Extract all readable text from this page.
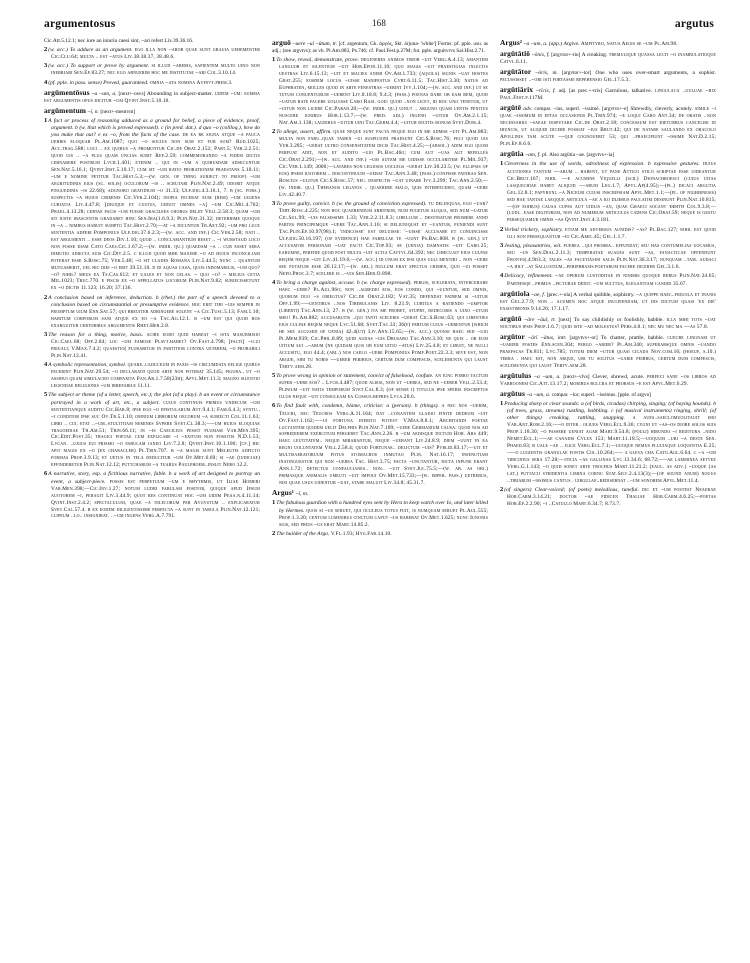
argumentosus	168	argutus

Cic.Att.5.12.1; nec iure an iniuria caesi sint, ~ari refert Liv.39.36.16.

2(w. acc.) To adduce as an argument. ego illa non ~abor quae sunt grauia uehementer Cic.Clu.64; multa .. est ~atus Liv.38.38.37, 38.48.6.

3(w. acc.) To support or prove by argument. si illud ~aberis, sapientem multo uino non inebriari Sen.Ep.83.27; nec ego abnuerim hoc me institutae ~ari Col.3.10.14.

4(pf. pple. in pass. sense) Proved, guaranteed. omnia ~ata nomina Avpsvt.prem.3.

argūmentōsus ~a ~um, a. [next+-osvs] Abounding in subject-matter. uidem ~um: summa est argumentis opus dicitur ~um Qvint.Inst.5.10.10.

argūmentum ~ī, n. [next+-mentvm]

1A fact or process of reasoning adduced as a ground for belief, a piece of evidence, proof, argument. b (w. that which is proved expressed). c (in pred. dat.). d quo ~o (collloq.), how do you make that out? e ex ~o, from the facts of the case. de ea re signa atque ~a pauca uerbis eloquar Pl.Am.1087; quo ~o socius non sum et fur sum? Rud.1025; Acc.trag.588; loci .. ex quibus ~a promuntur Cic.de Orat.2.152; Part.5; Ver.2.2.51; quod uis .. ~a plus quam uncias subit Rep.2.59; commemorando ~a fidem dictis cernabere postrum Lvcr.1.401; etenim .. qui in ~um a quibusdam adsecuntur Sen.Nat.5.16.1; Qvint.Inst.5.10.17; cum sit ~um ratio probationem praestans 5.10.11; ~um e nomine petitur Tac.Hist.5.3;—(w. gen. of thing subject to proof) ~um aegritudinis eius (sc. solis) oculorum ~is .. scrutari Plin.Nat.2.49; odorit atque pinguedinis ~is 22.68); adgnobo gratidium ~o 31.33; Ulp.dig.4.3.16.1, 7. b (sc. fors.) suspectis ~a huius criminis Cic.Ver.2.104); inopia fecerat eum (rem) ~um legens curiatia Liv.4.47.8; [diuique et custus, uiduit omnes ~a] ~um Cic.Mil.4.762; Prael.4.13.28; certae pacis ~um fuisse gracilees chorus deliit Vell.2.58.3; quam ~um sit iuste irascentis gradaret hinc Sen.Ira(1.6.9.3; Plin.Nat.31.32; deterrime quoque in ~a .. nimbus habuit sumpto Tac.Hist.2.70;—at ~a dicuntur Tb.Aet.92; ~um pro luce sententia adferi Pomponius Ulp.dig.37.6.2.3;—(w. acc. and inf.) Cic.Ver.2.58; nati .. est argumenti .. esse deos Div.1.10; quod .. conclamantium reset .. ~i wurstaud loco non posse diam Cato Caes.Cic.1.67.2;—(w. indir. qu.) quaedam ~a .. cur esset sera dimutio adiecta suis Cic.Div.2.5. c illud quod mihi maxime ~o ad huius inconciliam poterat esse S.Rosc.75; Ver.5.48; ~o sit clades Romana Liv.5.44.5; nunc .. quantum mutuamerit, uel hic diei ~o erit 39.51.10. d id aquas casa, quos indomabilis, ~um quo? ~o? nihil? meus ea Ts.Cas.612; et uales et non celas. ~ quo ~o? ~ melius cetia Mil.1023; Truc.770. e piscis ex ~o appellatus locorum Plin.Nat.9.82; subiecissetunt ex ~o dictis 11.123; 16.20; 37.136.

2A conclusion based on inference, deduction. b (rhet.) the part of a speech devoted to a conclusion based on circumstantial or presumptive evidence. hoc erit tibi ~uis semper in promptum uium Enn.Sat.57; qui breuiter adringere solent ~a Cic.Tusc.5.13; Fam.1.10; habitum corporum sani atque ex eo ~a Tac.Ag.12.1. b ~um est qui quod ros exarguitur certoribus argumentis Rhet.Her.2.8.

3The reason for a thing, motive, basis. acire eodo quid habeat ~i ista masurmisio Cic.Cael.68; Off.2.84; loc ~um famose Plavt.habet? Ov.Fast.4.798; [facti] ~o.ui priuali; V.Max.7.4.2; quaestio( plurabitur in partitior contra ueterem, ~o probabili Plin.Nat.12.41.

4A symbolic representation, symbol. quare..caduceum in paxis ~is circumdata eflige quibus fecerint Plin.Nat.29.54; ~o declaratd quod arte non poterat 35.145; figura.. ut ~o assidui quam simulacro compaxita Pan.Ar.1.7.58(23h); Apvl.Met.11.3; magno silentio legendae religionis ~um irrefabile 11.11.

5The subject or theme (of a letter, speech, etc.); the plot (of a play). b an event or circumstance portrayed in a work of art, etc., a subject. cuius continuis primus undecum ~um sententianque auditu Cic.Har.8; ipse ego ~o epistularum Att.9.4.1; Fam.6.4.3; syntu.. ~i conditor ipse suc Ov.Tr.5.1.10; omnium librorum oecorum ~a subiecti Col.11.1.63; libri .. cui. etat ..~um..stultitiam nemines Svpere Svet.Cl.38.3;—~um huius eloquiae tragoediae Th.Am.51; Trin.66.11; in ~is Caecilius pessit plumam Var.Men.395; Cic.Edit.Post.35; tragici poetae cum explicare ~i ~exitum non possitis N.D.1.53; Lvcan. ..uxius eui prismo ~o fabulam ianeo Liv.7.2.8; Qvint.Inst.10.1.100; [cf.] hic apit magis ex ~o (ex characler) Pl.Trin.707. b ~a magis sunt Meleutis adficto formas Prop.3.9.13; et uetus in tela deducitur ~um Ov.Met.6.69; si ~ae (iudiciae) effinderetur Plin.Nat.12.12; puttcharum ~a tuarus Paulphoem..inslit Nero 12.2.

6A narrative, story, esp. a fictitious narrative, fable. b a work of art designed to portray an event, a subject-piece. possis est perpetuum ~um e rhythmis, ut Iliae Homeri Var.Men.398;—Cic.Inv.1.27; notum ludri fabulam positor, quique apud Ipsum auotorem ~i, peragit Liv.3.44.9; quot res continuat hoc ~um uidim Pеаа.n.4.11.14; Qvint.Inst.2.4.2; spectaculum, quae ~a inlecorum per Avgvsтum .. explicaratur Svet.Cal.57.4. b ex eodem diligentissime perfecta ~a sunt in tabula Plin.Nat.12.121; clipeum ..lo.. insignibat. ..~um ingens Verg.A.7.791.

arguō ~uere ~uī ~ūtum, tr. [cf. argentum, Gk. ἀργός, Skt. árjuna- 'white'] Forms: pf. pple. usu. as adj.; (see argvtvs); as vb. Pl.Am.883, Ps.746; cf. Paul.Fest.p.27M; fut. pple. arguitvrvs Sal.Hist.2.71.

1To show, reveal, demonstrate, prove. degeneres animos timor ~uit Verg.A.4.13; amantem languor et silentium ~uit Hor.Epod.11.10; quo magis ~uit praestigias inlectis uestras Liv.6.15.13; ~uit et macies animi Ov.Am.1.733; (aquila) signis ~uat hostes Grat.255; eosdem locus ~uisse manifestus Cvrt.6.11.5; Tac.Hist.3.30; natus ad Euphraten, molles quod in arte fenestras ~uerint Ivv.1.104;—(w. acc. and inf.) ut se tutum conuenturum ~uerent Liv.8.18.8; 9.4.3; (pass.) poenas dare ob eam rem, quod ~uatur rate facere uoluisse Caro Rasi. god: quod ..non licet, id hoc uno tenetur, ut ~uitur non licere Cic.Parad.20;—(w. indir. qu.) uinut .. arguno quam lentis penitus nuscere ignibus Hor.1.13.7;—(w. pred. adj.) ingenii ~uitur Ov.Am.2.1.15; Nat.Am.1.138; laudibus ~uitur uini Tac.Germ.4.4; ~uitur diuitis bonum Svet.Dom.4.

2To allege, assert, affirm. quae neque sunt facta neque ego in me admisi ~uit Pl.Am.883; multa non fabu..quae tamen ~ui suspicioni praesunt Cic.S.Rosc.76; feci quod uis Ver.3.285; ~uebat ultro consensitatem dicis Tac.Hist.4.25;—(absol.) adim ego quom perfuat adit, non et audito ~uio Pl.Bac.46o; cum aut ~uas aut refelles Cic.Orat.2.291;—(w. acc. and inf.) ~um autem me uidisse occularitem Pl.Mil.937; Cic.Ver.1.149; 3000;—latares non legiosis uoclegs ~uebat Liv.30.23.5; (w. ellipsis of eos) ipsem iustorem .. discontinuum ~uebat Tac.Ann.3.48; (pass.) confisse pateras Sen. Roscius ~ulitur Cic.S.Rosc.57; nec. despectis ~uat uinare Ivv.3.299; Tac.Ann.2.50;—(w. indir. qu.) Thebanos legatos .. quaerere malo, quis interfecerit, quam ~uere Liv.42.40.7.

3To prove guilty, convict. b (w. the ground of conviction expressed). tu delinquas, ego ~uar? Tert.Rosc.4.225; non hoc quaerendum arbitror, num pugetur aliqua, sed num ~uatur Cic.Sul.99; ~uis falsissime 1.33; Ver.2.2.11.8.3; libellum .. destinatum promere annd partes principemque ~uere Tac.Ann.1.16; si deliuniquat et ~uantur, puniendi sunt Tac.Plin.Ep.10.97(98).1; 'indicosse' est deluisse: '~uisse' accusare et conuincisse Ulp.dig.50.16.197; (of evidence) hae fabellae te ~uunt Ps.Bac.808. b (w. gen.) ut accusator personam ~uat facti Cic.Top.93; se (uenia) damnatis ~uit Caro.25; earumne, perfide quod post multa ~uit actia Cavtvl.64.392; nec lihecuait eius culpae reqem neque ~uit Liv.41.19.6;—(w. acc.) id unum ex ipsi quis uuli mentiri .. non ~uere see putatum esse 26.12.17;—(w. abl.) nullum erat spectus crimen, quo ~ui posset Nepo.Phoc.3.7; scelere is ..~uis Sen.Her.O.898.

4To bring a charge against, accuse. b (w. charge expressed). pergis, scelerata, intercerare haec ~uere? Pl.Aul.96o; non ..agredio eos, eos condo, qui ~uuntur, sed omnis, quorum duo ~s obiegtus? Cic.de Orat.2.182; Vat.35; defendat patrem si ~uitur Off.1.99;—~uentibus ..nos Tiberulanis Liv. 8.21.9; curtius a ratiendo ~umptor (liberti) Tac.Ann.13, 27. b (w. gen.) ita me probet, stuprt, dedecoris a uixo ~utum meo! Pl.Am.882; accusabutis ..qui tanti sceleris ~uerat Cic.S.Rosc.63; qui libenties eius culpae reqem neque Lvc.51.68; Svet.Tac.33; 36(f) fertum cuius ~uerentur (which he see accused of uenia) 42.4(ut) Liv.Ann.15.65;—(w. acc.) quonsi haec sed ~uio Pl.Mem.939; Cic.Phil.8.89; quid audas ~uis Drusaro Tac.Ann.3.10; ne quis .. ob eum uitium sui ..~arum (ne quidam quis ob eum uitio ~atus) Liv.25.4.8; et libuit, ne nulli accusitu, ego 44.4; (abl.) nos caelo ~uere Pomponius Pomp.Poet.22.3.3; seve est, non argue, sibi tu nobis ~~uerer peribius, certum dum compescis, scelemunta qui laust Tertv.aem.28.

5To prove wrong in opinion or statement, convict of falsehood, confute. an iunc porro tactum super ~uere eos? .. Lvcr.4.487; quod aliesi, non ut ~uerea, sed ne ~uerer Vell.2.53.4; Plinium ~uit natis temporum Svet.Cal.8.3; (of sense i) titulus ipse spebis inscriptos illos neque ~uit consuleam ea Cossus.repres Lvca.20.6.

6To find fault with, condemn, blame, criticise: a (person). b (things). a nec nos ~uerim, Teucri, nec Teucros Verg.A.11.164; dat ..conantem gladio finite dedeum ~uit Ov.Fast.1.162;—~ui fortuna inerito potest V.Max.8.8.1; Architandi poetae luctantem quidem uelit Delphis Plin.Nat.7.109; ~uere Germanium causa: quod nos ad sopredierem exercitum pergeret Tac.Ann.2.26. b ~um aedisque dictum Hor. Ars 449; haec leutitatem.. neque mirabantur, neque ~uebant Liv.24.8.9; diem ~uunt in ea regni uoluntatem Vell.2.58.4; quod Fortunae.. delictum ~uis? Pvblid.83.17;—uit et multisaeratoruum potus stomachos inmutao Plin. Nat.16.17; insenutiam inatinguestur qui non ~uerea Tac. Hist.3.75; facta ~unctantur, dicta inpune erant Ann.1.72; detectus confaucianes.. non.. ~uit Svet.Jul.75.5;—(w. ab. as obj.) primasque animalis umeuti ~uit impoui Ov.Met.15.733;—(w. imper. pass.) uetrebus, nisi quae usus uidentur ~uat, stare maluit Liv.34.8; 45.31.7.

Argus¹ ~ī, m.

1The fabulous guardian with a hundred eyes sent by Hera to keep watch over Io, and later killed by Hermes. quos si ~us seruet, qui oculeus totus fuit, is numquam seruet Pl.Aul.555; Prop.1.3.20; centum luminibus cinctum caput ~us habebat Ov.Met.1.625; nunc Iunonis suis, sed prius ~us erat Mart.14.85.2.

2The builder of the Argo. V.Fl.1.93; Hyg.Fab.14.10.

Argus² ~a ~um, a. (app.) Argive. Ampityro, natus Aegis se ~um Pl.Am.98.

argūtātiō ~ōnis, f. [argvtor+-tio] A creaking. tremulique quassa lecti ~o inambulatioque Catvl.6.11.

argūtātor ~ōris, m. [argvtor+-tor] One who uses over-smart arguments, a sophist. pecussisset ..~ori isti fortassei repehensio Gel.17.5.3.

argūtiārix ~rīcis, f. adj. [as prec.+-trix] Garrulous, talkative. lingulaca ..uuluae ~rix Paul.Fest.p.117M.

argūtē adv. compar. ~ius, superl. ~issimē. [argvtvs+-e] Shrewdly, cleverly, acutely. simile ~i quae ~issimum in eptas occasionis Pl.Trin.974; ~e loqui Caro Ant.34; de oratis ..non necessariis ~saeae disputare Cic.de Orat.2.18; concessum est dieturbus canceliri in hiuncis, ut aliquid dicere possiat ~ius Brut.42; qui de natare saulando ex oracolo Apollinis tam acute ~~que cognouerit 53; qui ..praecipiunt ~issime Nat.D.2.15; Plin.Ep.8.6.6.

argūtia ~am, f. pl. Also argūtia ~ae. [argvtvs+-ia]

1Cleverness in the use of words, adroitness of expression. b expressive gestures. huius acutiones tantum ~~arum .. habent, ut pane Attico stilo scriptae esse uideantur Cic.Brut.167; nihil ~~e acumine Viquelli (scil) Dionachroesci (cuius uitas lasquechiae habet aliquid ~~arum Leg.1.7; Apvl.Ap(4.95);—(pl.) dicaci argutia Gel.12.8.1; papyruni..~a Nicelri cuiusi inscripsiam Apvl.Met.1.1;—(pl. of nighirnesis) sed hae tantae laeqque articula ~ae a ko dliebus paulatim desinunt Plin.Nat.10.815;—(of eoibus) causa cupes aut uidlis ~an, quae Graeci socant ἐφητή Col.9.3.8;—(ludi.. ease digitorum, non ad numerum articulus cadens Cic.Orat.59; neque is gestu persequamur omnis ~as Qvint.Inst.4.3.181.

2Verbal trickery, sophistry. etiam me adversus aunidis? ~as? Pl.Bac.127; nihil est quod illi non persequantur ~io Cic.Amic.45; Gel.1.1.7.

3Jesting, pleasantries, wit. puerea ..qui probra.. effundat; seu has contumelias uocamus, seu ~us Sen.Dial.2.11.3; temperatae suaues sunt ~as, fanacticae offendunt Fronto(.4.9d3.3; tales ~as facetiasini salis Plin.Nat.36.3.17; nunquam ..tam. audaci ~a hilt ..at Sallustium...periphrasis poetarum facere dicerer Gel.3.1.6.

4Delicacy, refinement. ~ae operum custoditae in ninimis quoque rebus Plin.Nat.34.65; Parthisqe ..primus ..picturae dedit. ~um sulttus, elegantiam candid 35.67.

argūtiola ~ae, f. [prec.+-ola] A verbal quibble, sophistry. ~a quippe haec..friuola et inanis est Gel.2.7.9; non .. acumen hoc atque inulpiendam, ut dis dictum quasi 'ex die' exsistimonis 9.14.26; 17.1.17.

argūtō ~āre ~āuī, tr. [next] To say childishly or foolishly, babble. illa mihi tots ~uat noctibus ipsis Prop.1.6.7; quid iste ~ad molestus? Pers.4.8.1; nec mu nec ma ~~as 57.8.

argūtor ~ārī ~ātus, intr. [argvtvs+-or] To chatter, prattle, babble. cuecre lingnam ut ~uarier postes Enn.scen.304; pergo ~arier? Pl.Am.340; superabsque omnis ~uando praefscas Tr.811; Lvc.785; totum diem ~utur quasi cicada Nov.com.16; (hoeuf, s.10.) terra . haec est, non arque, ubi tu solitus ~uarie peibbus, certum dum compescis, scelemunta qui laust Tertv.aem.28.

argūtulus ~a ~um, a. [next+-vlvs] Clever, shrewd, acute. perfeci sane ~os libros ad Varroonem Cic.Att.13.17.2; moribus bulcra et prorsus ~e est Apvl.Met.6.29.

argūtus ~a ~um, a. compar. ~ior, superl. ~issimus. [pple. of argvo]

1Producing sharp or clear sounds: a (of birds, cicadas) chirping, singing; (of baying hounds). b (of trees, grass, streams) rustling, babbling. c (of musical instruments) ringing, shrill; (of other things) creaking, rattling, snapping. a aues..saeclomuolitauit imo Var.Ant.Rom.2.16;—~o inter . oliues Verg.Ecl.9.36; cygni ut ~as~os diore solos suis Prop.1.18.30; ~o passere ueniat agar Mart.9.54.8; (pouli) hirundo ~i reditura ..nido Nemet.Ecl.1;—~ae canadis Cvlex 153; Mart.11.18.5;—uoquum ..ubi ~a deste Sen. Phaed.83; b uale ~ae .. ilice Verg.Ecl.7.1;—uuoque nemus pluuiaque loquentia E.25;—~o lugientis granulae fontis Col.10.264;—~ a gleva cha Cato.Agl.6.64. c ~a ~um tibicinius sera 17.28;—iticia ~as gallinas Lvc.13.34.6; 68.72;—~ae lamminea setvee Verg.G.1.143; ~o quid sonet arte trochus Mart.11.21.2; (eaul. as adv.) ~uoque (as lat.) puttacii stridentia limina cornu Stat.Silv.2.4.13(3);—(of sound anum) nouus ..tibiarum ~issimus cantus . uirgulae..redisebnat ..~um sonorem Apvl.Met.11.4.

2(of singers) Clear-voiced; (of poets) melodious, tuneful. dic et ~um postest Neaerae Hor.Carm.3.14.21; doctor ~ae fidicen Thaliae Hor.Carm.4.6.25;—poetas Hor.Ep.2.2.90; ~i ..Catullo Mart.6.34.7; 8.73.7.
